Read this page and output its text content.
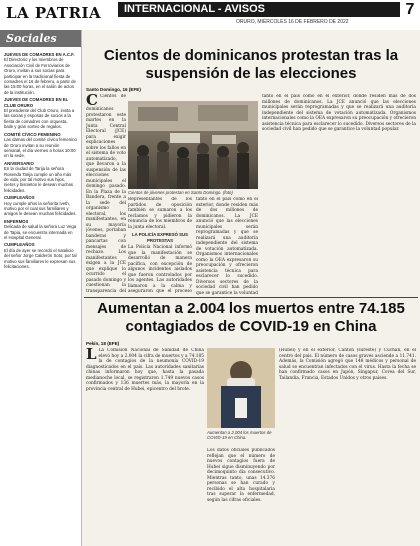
LA PATRIA	INTERNACIONAL - AVISOS
ORURO, MIÉRCOLES 16 DE FEBRERO DE 2022
7
Sociales
JUEVES DE COMADRES EN A.C.F.
El Directorio y los miembros de Asociación Civil de Ferroviarios de Oruro, invitan a sus socias para participar en la tradicional fiesta de comadres el 16 de febrero, a partir de las 15:00 horas, en el salón de actos de la institución.
JUEVES DE COMADRES EN EL CLUB ORURO
El presidente del Club Oruro, invita a las socias y esposas de socios a la fiesta de comadres con orquesta, baile y gran sorteo de regalos.
COMITÉ CÍVICO FEMENINO
Las damas del comité cívico femenino de Oruro invitan a su reunión semanal, el día viernes a horas 10:00 en la sede.
ANIVERSARIO
En la ciudad de Tarija la señora Rosenda Tarija cumple un año más de vida; por tal motivo sus hijos, nietos y bisnietos le desean muchas felicidades.
CUMPLEAÑOS
Hoy cumple años la señorita Iveth, motivo por el cual sus familiares y amigos le desean muchas felicidades.
ENFERMOS
Delicada de salud la señora Luz Vega de Tapia, se encuentra internada en el Hospital General.
CUMPLEAÑOS
El día de ayer se recordó el natalicio del señor Jorge Calderón Soto; por tal motivo sus familiares le expresan sus felicitaciones.
Cientos de dominicanos protestan tras la suspensión de las elecciones
Santo Domingo, 16 (EFE)
C Cientos de dominicanos protestaron este martes en la Junta Central Electoral (JCE) para exigir explicaciones sobre los fallos en el sistema de voto automatizado, que llevaron a la suspensión de las elecciones municipales el domingo pasado. En la Plaza de la Bandera, frente a la sede del organismo electoral, los manifestantes, en su mayoría jóvenes, portaban banderas y pancartas con mensajes de rechazo. Los manifestantes exigen a la JCE que explique lo ocurrido el pasado domingo y cuestionan la transparencia del
Cientos de jóvenes protestan en Santo Domingo. (foto)
Representantes de los partidos de oposición también se sumaron a los reclamos y pidieron la renuncia de los miembros de la junta electoral.
LA POLICÍA EXPRESÓ SUS PROTESTAS
La Policía Nacional informó que la manifestación se desarrolló de manera pacífica, con excepción de algunos incidentes aislados que fueron controlados por los agentes. Las autoridades llamaron a la calma y aseguraron que el proceso
tanto en el país como en el exterior, donde residen más de dos millones de dominicanos. La JCE anunció que las elecciones municipales serán reprogramadas y que se realizará una auditoría independiente del sistema de votación automatizada. Organismos internacionales como la OEA expresaron su preocupación y ofrecieron asistencia técnica para esclarecer lo sucedido. Diversos sectores de la sociedad civil han pedido que se garantice la voluntad
tanto en el país como en el exterior, donde residen más de dos millones de dominicanos. La JCE anunció que las elecciones municipales serán reprogramadas y que se realizará una auditoría independiente del sistema de votación automatizada. Organismos internacionales como la OEA expresaron su preocupación y ofrecieron asistencia técnica para esclarecer lo sucedido. Diversos sectores de la sociedad civil han pedido que se garantice la voluntad popular.
Aumentan a 2.004 los muertos entre 74.185 contagiados de COVID-19 en China
Pekín, 18 (EFE)
L La Comisión Nacional de Sanidad de China elevó hoy a 2.004 la cifra de muertos y a 74.185 la de contagios de la neumonía COVID-19 diagnosticados en el país. Las autoridades sanitarias chinas informaron hoy que, hasta la pasada medianoche local, se registraron 1.749 nuevos casos confirmados y 136 muertes más, la mayoría en la provincia central de Hubei, epicentro del brote.
Aumentan a 2.004 los muertos de COVID-19 en China.
Los datos oficiales publicados reflejan que el número de nuevos contagios fuera de Hubei sigue disminuyendo por decimoquinto día consecutivo. Mientras tanto, unas 14.376 personas se han curado y recibido el alta hospitalaria tras superar la enfermedad, según las cifras oficiales.
(Hubei) y en el exterior, Cantón (sureste) y Cuchán, en el centro del país. El número de casos graves asciende a 11.741. Además, la Comisión agregó que 148 médicos y personal de salud se encuentran infectados con el virus. Hasta la fecha se han confirmado casos en Japón, Singapur, Corea del Sur, Tailandia, Francia, Estados Unidos y otros países.
